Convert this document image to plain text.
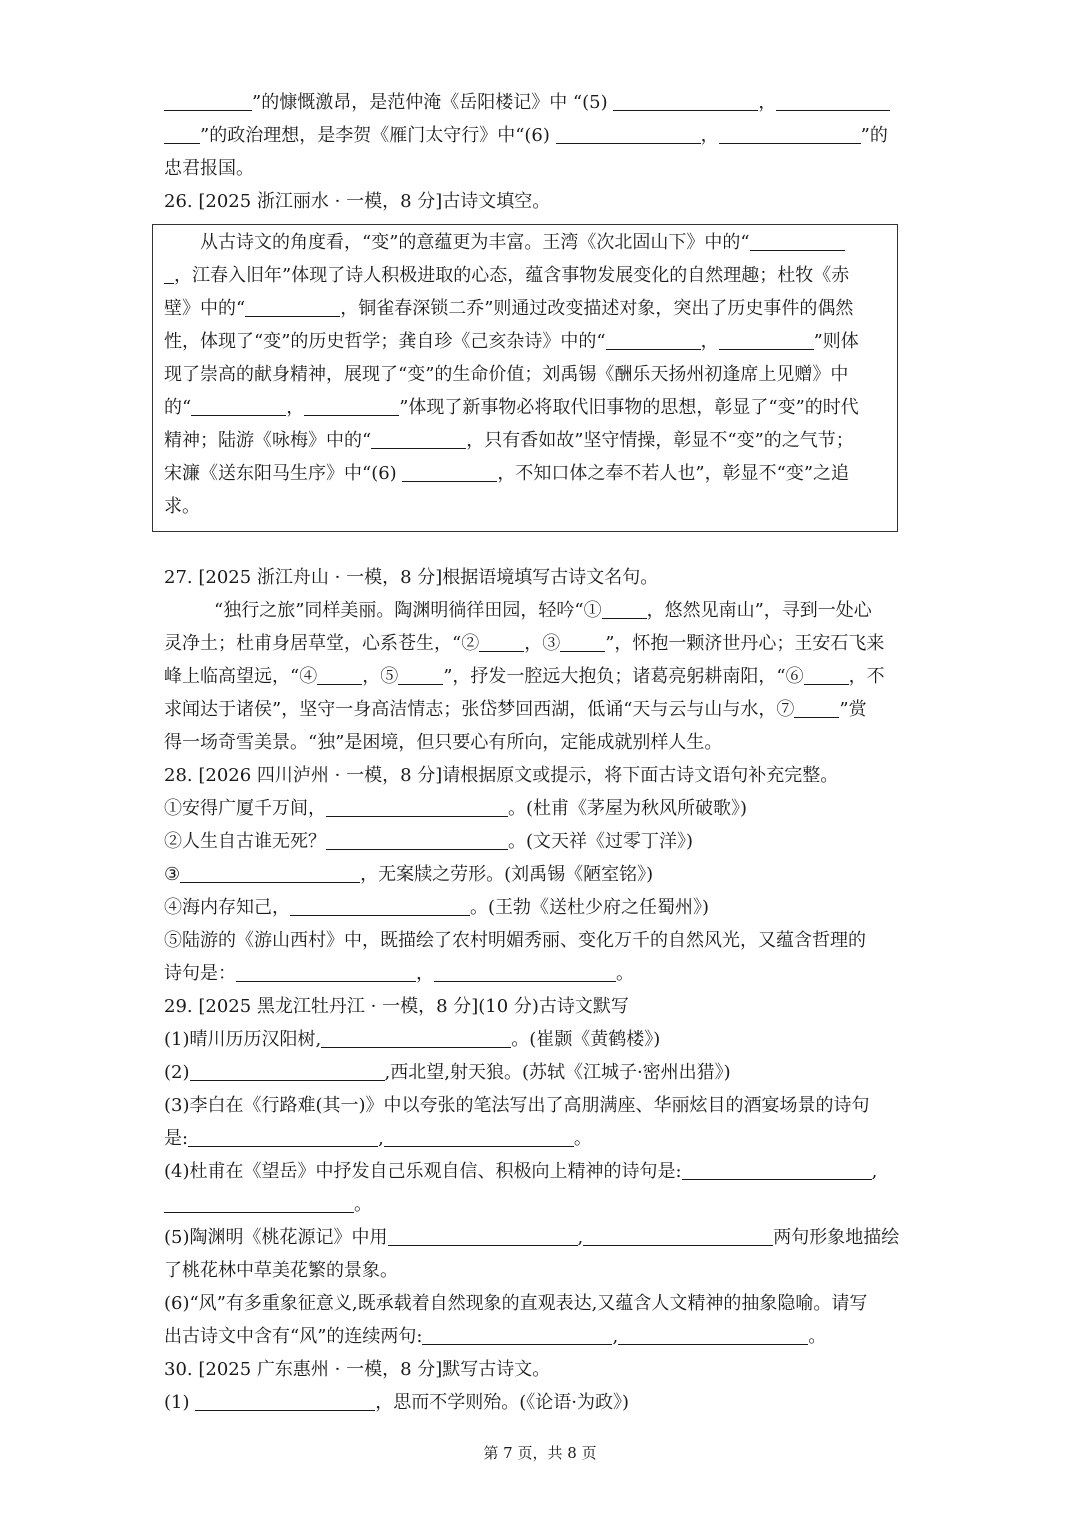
”的慷慨激昂，是范仲淹《岳阳楼记》中 “(5)	，
”的政治理想，是李贺《雁门太守行》中“(6)	，	”的
忠君报国。
26. [2025 浙江丽水 · 一模，8 分]古诗文填空。
从古诗文的角度看，“变”的意蕴更为丰富。王湾《次北固山下》中的“
，江春入旧年”体现了诗人积极进取的心态，蕴含事物发展变化的自然理趣；杜牧《赤
壁》中的“	，铜雀春深锁二乔”则通过改变描述对象，突出了历史事件的偶然
性，体现了“变”的历史哲学；龚自珍《己亥杂诗》中的“	，	”则体
现了崇高的献身精神，展现了“变”的生命价值；刘禹锡《酬乐天扬州初逢席上见赠》中
的“	，	”体现了新事物必将取代旧事物的思想，彰显了“变”的时代
精神；陆游《咏梅》中的“	，只有香如故”坚守情操，彰显不“变”的之气节；
宋濂《送东阳马生序》中“(6)	，不知口体之奉不若人也”，彰显不“变”之追
求。
27. [2025 浙江舟山 · 一模，8 分]根据语境填写古诗文名句。
“独行之旅”同样美丽。陶渊明徜徉田园，轻吟“①	，悠然见南山”，寻到一处心
灵净土；杜甫身居草堂，心系苍生，“②	，③	”，怀抱一颗济世丹心；王安石飞来
峰上临高望远，“④	，⑤	”，抒发一腔远大抱负；诸葛亮躬耕南阳，“⑥	，不
求闻达于诸侯”，坚守一身高洁情志；张岱梦回西湖，低诵“天与云与山与水，⑦	”赏
得一场奇雪美景。“独”是困境，但只要心有所向，定能成就别样人生。
28. [2026 四川泸州 · 一模，8 分]请根据原文或提示，将下面古诗文语句补充完整。
①安得广厦千万间，	。(杜甫《茅屋为秋风所破歌》)
②人生自古谁无死？	。(文天祥《过零丁洋》)
③	，无案牍之劳形。(刘禹锡《陋室铭》)
④海内存知己，	。(王勃《送杜少府之任蜀州》)
⑤陆游的《游山西村》中，既描绘了农村明媚秀丽、变化万千的自然风光，又蕴含哲理的
诗句是：	，	。
29. [2025 黑龙江牡丹江 · 一模，8 分](10 分)古诗文默写
(1)晴川历历汉阳树,	。(崔颢《黄鹤楼》)
(2)	,西北望,射天狼。(苏轼《江城子·密州出猎》)
(3)李白在《行路难(其一)》中以夸张的笔法写出了高朋满座、华丽炫目的酒宴场景的诗句
是:	,	。
(4)杜甫在《望岳》中抒发自己乐观自信、积极向上精神的诗句是:	,
。
(5)陶渊明《桃花源记》中用	,	两句形象地描绘
了桃花林中草美花繁的景象。
(6)“风”有多重象征意义,既承载着自然现象的直观表达,又蕴含人文精神的抽象隐喻。请写
出古诗文中含有“风”的连续两句:	,	。
30. [2025 广东惠州 · 一模，8 分]默写古诗文。
(1)	，思而不学则殆。(《论语·为政》)
第 7 页，共 8 页
